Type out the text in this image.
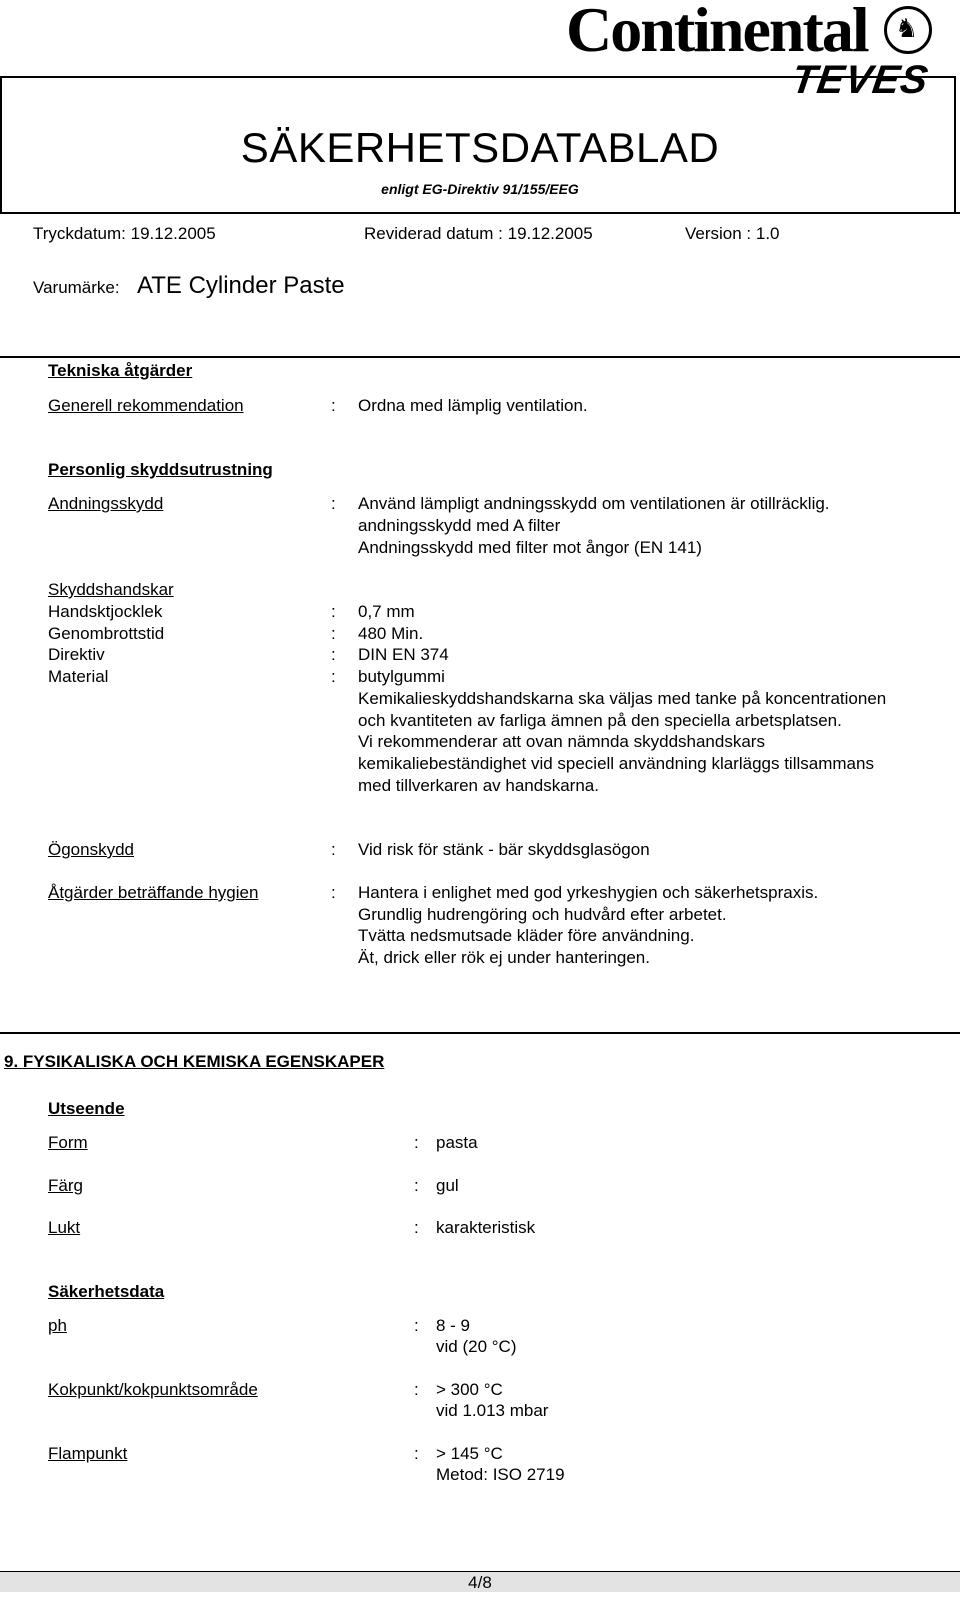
Continental ♞
TEVES
SÄKERHETSDATABLAD
enligt EG-Direktiv 91/155/EEG
Tryckdatum: 19.12.2005	Reviderad datum : 19.12.2005	Version : 1.0
Varumärke: ATE Cylinder Paste
Tekniska åtgärder
Generell rekommendation	: Ordna med lämplig ventilation.
Personlig skyddsutrustning
Andningsskydd	: Använd lämpligt andningsskydd om ventilationen är otillräcklig.
andningsskydd med A filter
Andningsskydd med filter mot ångor (EN 141)
Skyddshandskar
Handsktjocklek	: 0,7 mm
Genombrottstid	: 480 Min.
Direktiv	: DIN EN 374
Material	: butylgummi
Kemikalieskyddshandskarna ska väljas med tanke på koncentrationen
och kvantiteten av farliga ämnen på den speciella arbetsplatsen.
Vi rekommenderar att ovan nämnda skyddshandskars
kemikaliebeständighet vid speciell användning klarläggs tillsammans
med tillverkaren av handskarna.
Ögonskydd	: Vid risk för stänk - bär skyddsglasögon
Åtgärder beträffande hygien	: Hantera i enlighet med god yrkeshygien och säkerhetspraxis.
Grundlig hudrengöring och hudvård efter arbetet.
Tvätta nedsmutsade kläder före användning.
Ät, drick eller rök ej under hanteringen.
9. FYSIKALISKA OCH KEMISKA EGENSKAPER
Utseende
Form	: pasta
Färg	: gul
Lukt	: karakteristisk
Säkerhetsdata
ph	: 8 - 9
vid (20 °C)
Kokpunkt/kokpunktsområde	: > 300 °C
vid 1.013 mbar
Flampunkt	: > 145 °C
Metod: ISO 2719
4/8
